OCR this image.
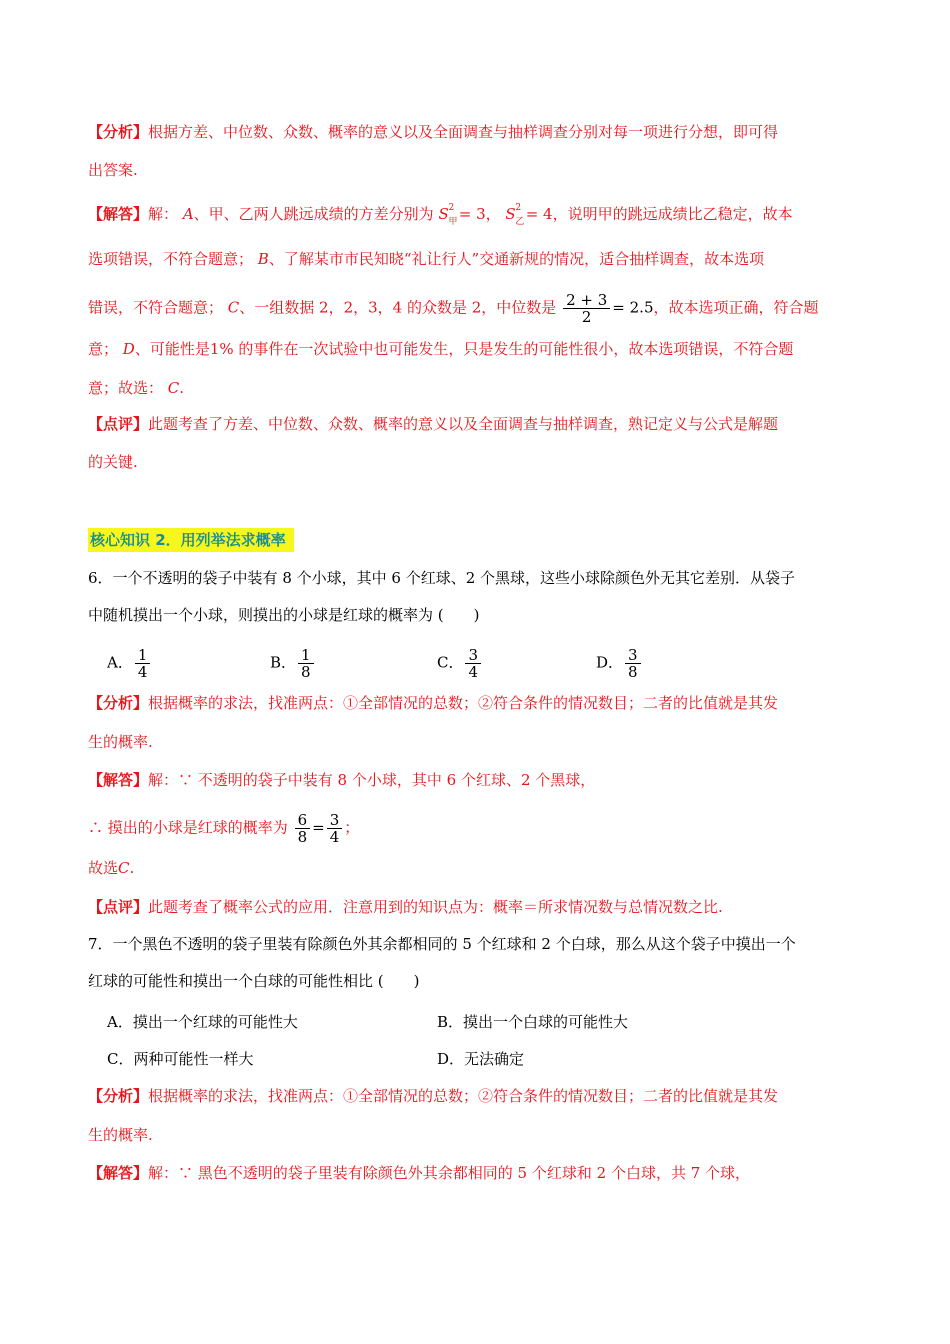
【分析】根据方差、中位数、众数、概率的意义以及全面调查与抽样调查分别对每一项进行分想，即可得
出答案.
【解答】解： A、甲、乙两人跳远成绩的方差分别为 S 2
甲 = 3， S 2
乙 = 4，说明甲的跳远成绩比乙稳定，故本
选项错误，不符合题意； B、了解某市市民知晓“礼让行人”交通新规的情况，适合抽样调查，故本选项
错误，不符合题意； C、一组数据 2，2，3，4 的众数是 2，中位数是 $\frac{2 + 3}{2} = 2.5$，故本选项正确，符合题
意； D、可能性是1% 的事件在一次试验中也可能发生，只是发生的可能性很小，故本选项错误，不符合题
意；故选： C.
【点评】此题考查了方差、中位数、众数、概率的意义以及全面调查与抽样调查，熟记定义与公式是解题
的关键.
核心知识 2．用列举法求概率
6．一个不透明的袋子中装有 8 个小球，其中 6 个红球、2 个黑球，这些小球除颜色外无其它差别．从袋子
中随机摸出一个小球，则摸出的小球是红球的概率为 (　　)
A． $\frac{1}{4}$	B． $\frac{1}{8}$	C． $\frac{3}{4}$	D． $\frac{3}{8}$
【分析】根据概率的求法，找准两点：①全部情况的总数；②符合条件的情况数目；二者的比值就是其发
生的概率.
【解答】解：∵ 不透明的袋子中装有 8 个小球，其中 6 个红球、2 个黑球，
∴ 摸出的小球是红球的概率为 $\frac{6}{8} = \frac{3}{4}$ ；
故选C.
【点评】此题考查了概率公式的应用．注意用到的知识点为：概率＝所求情况数与总情况数之比.
7．一个黑色不透明的袋子里装有除颜色外其余都相同的 5 个红球和 2 个白球，那么从这个袋子中摸出一个
红球的可能性和摸出一个白球的可能性相比 (　　)
A．摸出一个红球的可能性大	B．摸出一个白球的可能性大
C．两种可能性一样大	D．无法确定
【分析】根据概率的求法，找准两点：①全部情况的总数；②符合条件的情况数目；二者的比值就是其发
生的概率.
【解答】解：∵ 黑色不透明的袋子里装有除颜色外其余都相同的 5 个红球和 2 个白球，共 7 个球，
